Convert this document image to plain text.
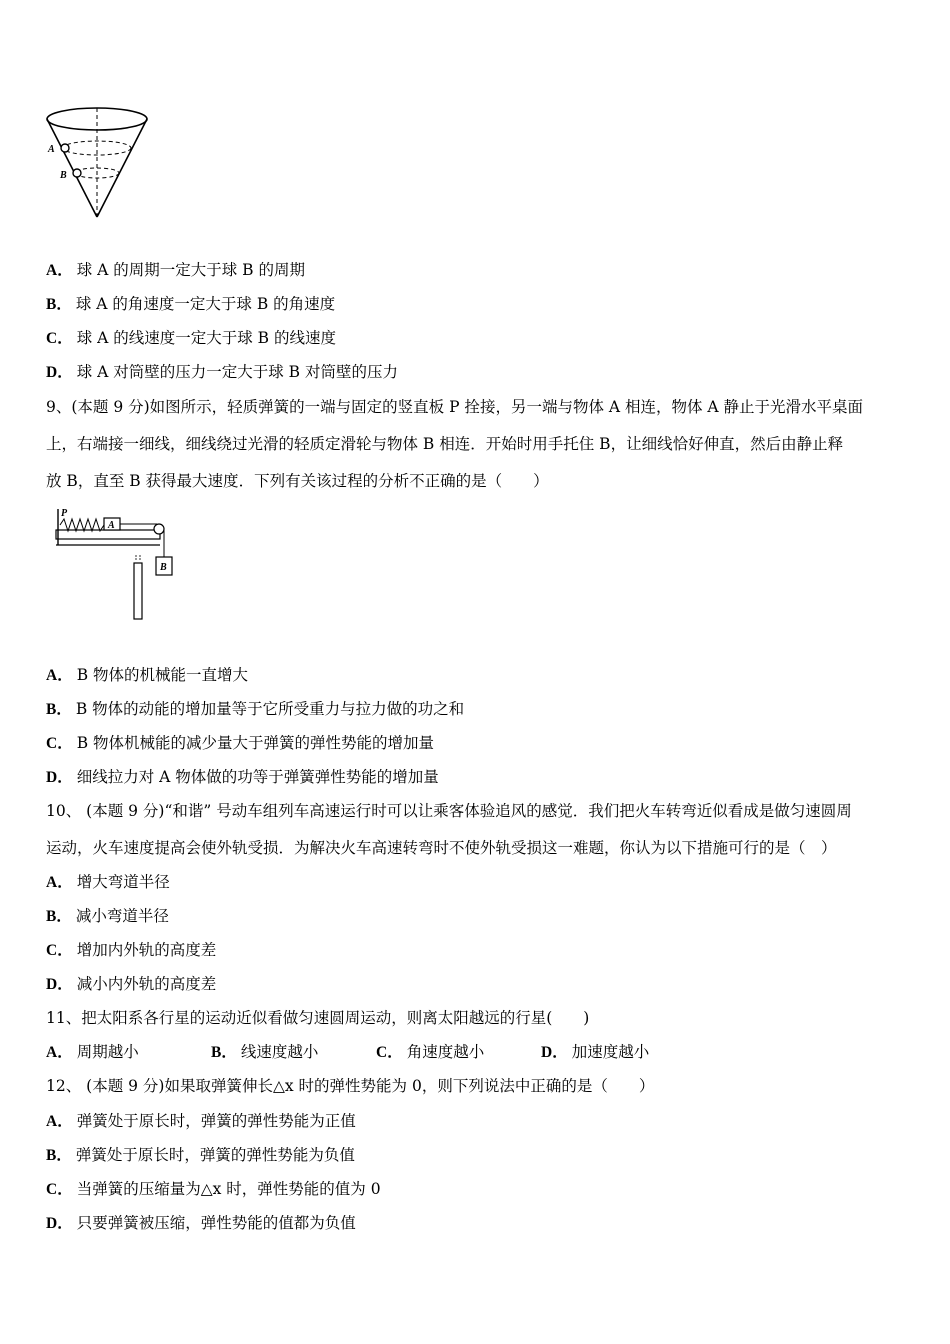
A
B
A． 球 A 的周期一定大于球 B 的周期
B． 球 A 的角速度一定大于球 B 的角速度
C． 球 A 的线速度一定大于球 B 的线速度
D． 球 A 对筒壁的压力一定大于球 B 对筒壁的压力
9、(本题 9 分)如图所示，轻质弹簧的一端与固定的竖直板 P 拴接，另一端与物体 A 相连，物体 A 静止于光滑水平桌面
上，右端接一细线，细线绕过光滑的轻质定滑轮与物体 B 相连．开始时用手托住 B，让细线恰好伸直，然后由静止释
放 B，直至 B 获得最大速度．下列有关该过程的分析不正确的是（　　）
P
A
B
A． B 物体的机械能一直增大
B． B 物体的动能的增加量等于它所受重力与拉力做的功之和
C． B 物体机械能的减少量大于弹簧的弹性势能的增加量
D． 细线拉力对 A 物体做的功等于弹簧弹性势能的增加量
10、 (本题 9 分)“和谐” 号动车组列车高速运行时可以让乘客体验追风的感觉．我们把火车转弯近似看成是做匀速圆周
运动，火车速度提高会使外轨受损．为解决火车高速转弯时不使外轨受损这一难题，你认为以下措施可行的是（　）
A． 增大弯道半径
B． 减小弯道半径
C． 增加内外轨的高度差
D． 减小内外轨的高度差
11、把太阳系各行星的运动近似看做匀速圆周运动，则离太阳越远的行星(　　)
A． 周期越小	B． 线速度越小	C． 角速度越小	D． 加速度越小
12、 (本题 9 分)如果取弹簧伸长△x 时的弹性势能为 0，则下列说法中正确的是（　　）
A． 弹簧处于原长时，弹簧的弹性势能为正值
B． 弹簧处于原长时，弹簧的弹性势能为负值
C． 当弹簧的压缩量为△x 时，弹性势能的值为 0
D． 只要弹簧被压缩，弹性势能的值都为负值
